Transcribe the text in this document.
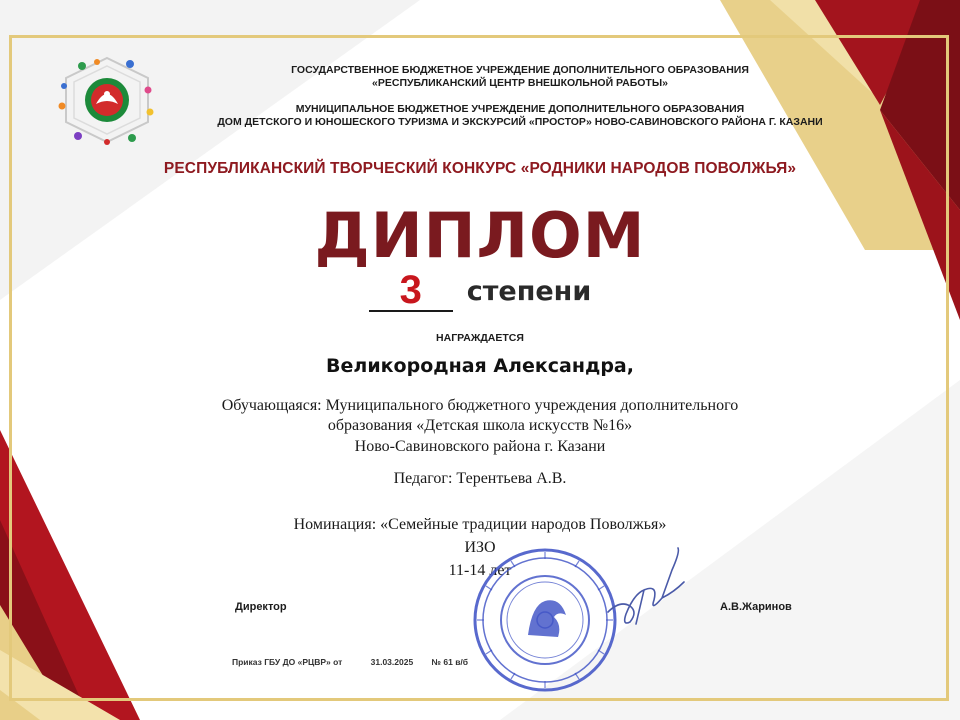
ГОСУДАРСТВЕННОЕ БЮДЖЕТНОЕ УЧРЕЖДЕНИЕ ДОПОЛНИТЕЛЬНОГО ОБРАЗОВАНИЯ
«РЕСПУБЛИКАНСКИЙ ЦЕНТР ВНЕШКОЛЬНОЙ РАБОТЫ»
МУНИЦИПАЛЬНОЕ БЮДЖЕТНОЕ УЧРЕЖДЕНИЕ ДОПОЛНИТЕЛЬНОГО ОБРАЗОВАНИЯ
ДОМ ДЕТСКОГО И ЮНОШЕСКОГО ТУРИЗМА И ЭКСКУРСИЙ «ПРОСТОР» НОВО-САВИНОВСКОГО РАЙОНА Г. КАЗАНИ
РЕСПУБЛИКАНСКИЙ ТВОРЧЕСКИЙ КОНКУРС «РОДНИКИ НАРОДОВ ПОВОЛЖЬЯ»
ДИПЛОМ
3 степени
НАГРАЖДАЕТСЯ
Великородная Александра,
Обучающаяся: Муниципального бюджетного учреждения дополнительного
образования «Детская школа искусств №16»
Ново-Савиновского района г. Казани
Педагог: Терентьева А.В.
Номинация: «Семейные традиции народов Поволжья»
ИЗО
11-14 лет
Директор	А.В.Жаринов
Приказ ГБУ ДО «РЦВР» от	31.03.2025 № 61 в/б
